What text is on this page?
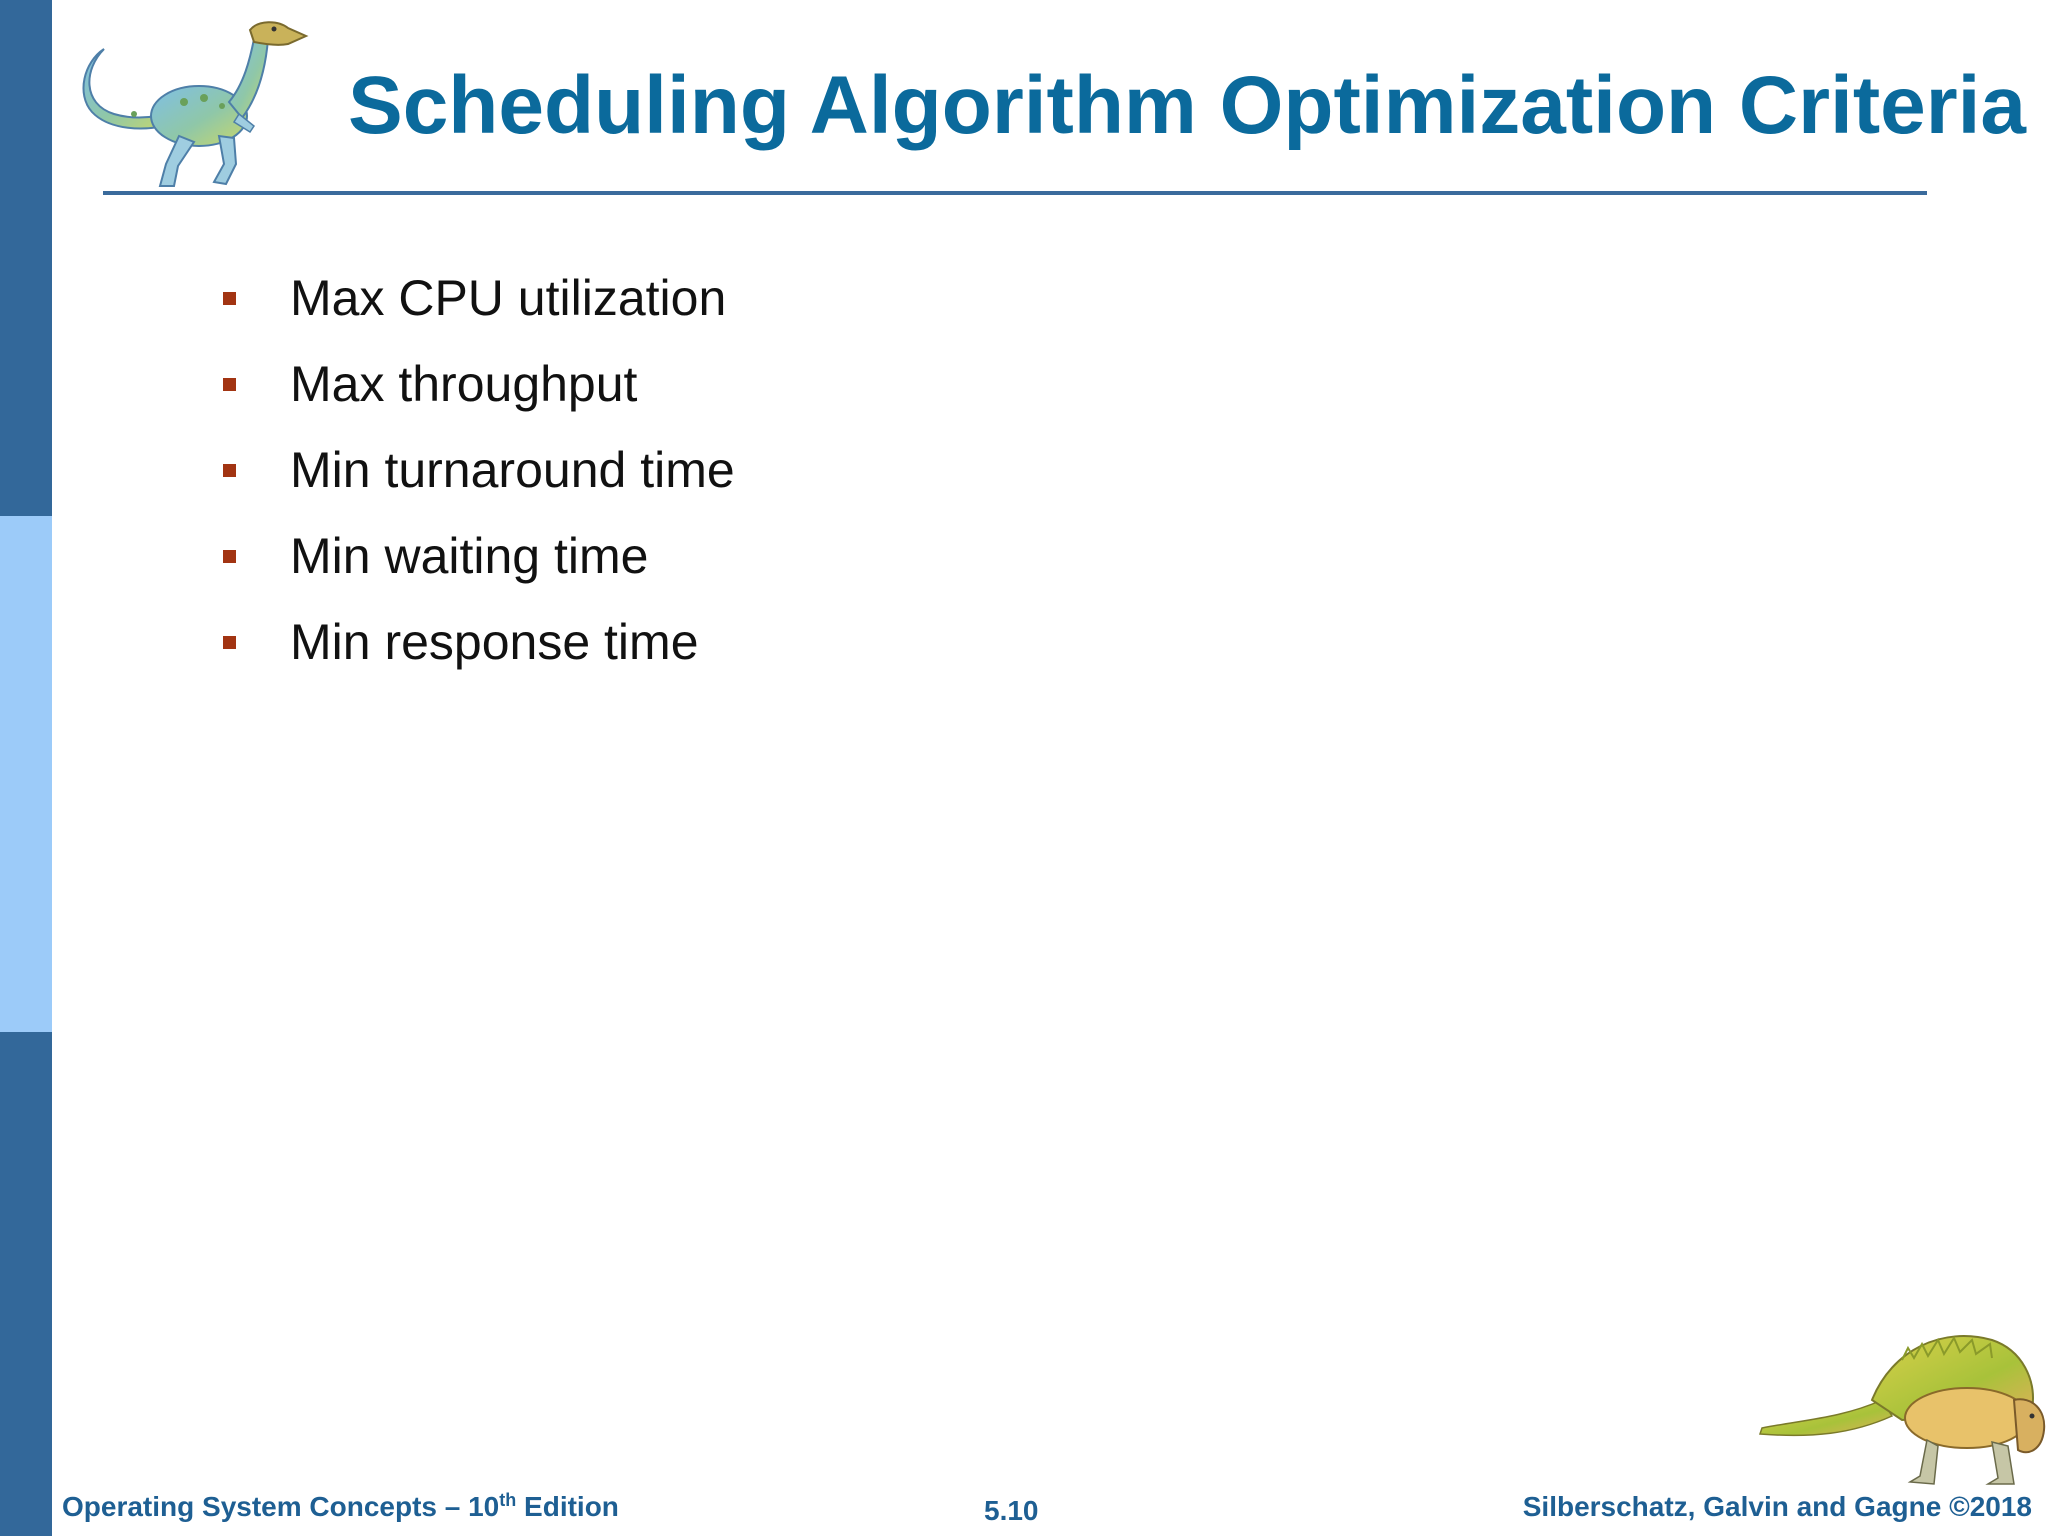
Scheduling Algorithm Optimization Criteria
Max CPU utilization
Max throughput
Min turnaround time
Min waiting time
Min response time
Operating System Concepts – 10th Edition	5.10	Silberschatz, Galvin and Gagne ©2018
